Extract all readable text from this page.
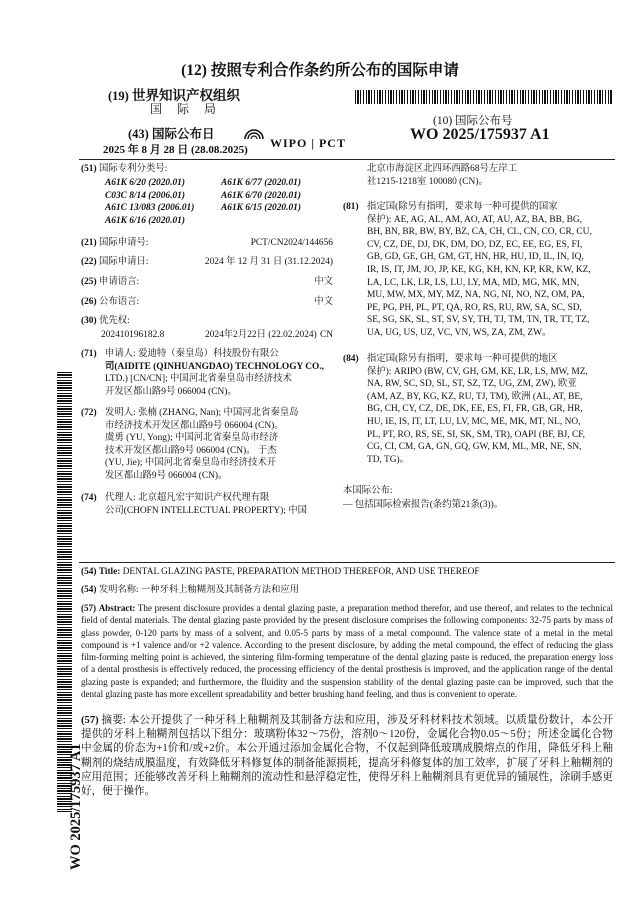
(12) 按照专利合作条约所公布的国际申请
(19) 世界知识产权组织
国 际 局
(43) 国际公布日
2025 年 8 月 28 日 (28.08.2025)
(10) 国际公布号
WO 2025/175937 A1
WIPO | PCT
(51) 国际专利分类号:
A61K 6/20 (2020.01)	A61K 6/77 (2020.01)
C03C 8/14 (2006.01)	A61K 6/70 (2020.01)
A61C 13/083 (2006.01)	A61K 6/15 (2020.01)
A61K 6/16 (2020.01)
(21) 国际申请号:	PCT/CN2024/144656
(22) 国际申请日:	2024 年 12 月 31 日 (31.12.2024)
(25) 申请语言:	中文
(26) 公布语言:	中文
(30) 优先权:
202410196182.8	2024年2月22日 (22.02.2024) CN
(71) 申请人: 爱迪特（秦皇岛）科技股份有限公
司(AIDITE (QINHUANGDAO) TECHNOLOGY CO.,
LTD.) [CN/CN]; 中国河北省秦皇岛市经济技术
开发区都山路9号 066004 (CN)。
(72) 发明人: 张楠 (ZHANG, Nan); 中国河北省秦皇岛
市经济技术开发区都山路9号 066004 (CN)。
虞勇 (YU, Yong); 中国河北省秦皇岛市经济
技术开发区都山路9号 066004 (CN)。 于杰
(YU, Jie); 中国河北省秦皇岛市经济技术开
发区都山路9号 066004 (CN)。
(74) 代理人: 北京超凡宏宇知识产权代理有限
公司(CHOFN INTELLECTUAL PROPERTY); 中国
北京市海淀区北四环西路68号左岸工
社1215-1218室 100080 (CN)。
(81) 指定国(除另有指明，要求每一种可提供的国家
保护): AE, AG, AL, AM, AO, AT, AU, AZ, BA, BB, BG,
BH, BN, BR, BW, BY, BZ, CA, CH, CL, CN, CO, CR, CU,
CV, CZ, DE, DJ, DK, DM, DO, DZ, EC, EE, EG, ES, FI,
GB, GD, GE, GH, GM, GT, HN, HR, HU, ID, IL, IN, IQ,
IR, IS, IT, JM, JO, JP, KE, KG, KH, KN, KP, KR, KW, KZ,
LA, LC, LK, LR, LS, LU, LY, MA, MD, MG, MK, MN,
MU, MW, MX, MY, MZ, NA, NG, NI, NO, NZ, OM, PA,
PE, PG, PH, PL, PT, QA, RO, RS, RU, RW, SA, SC, SD,
SE, SG, SK, SL, ST, SV, SY, TH, TJ, TM, TN, TR, TT, TZ,
UA, UG, US, UZ, VC, VN, WS, ZA, ZM, ZW。
(84) 指定国(除另有指明，要求每一种可提供的地区
保护): ARIPO (BW, CV, GH, GM, KE, LR, LS, MW, MZ,
NA, RW, SC, SD, SL, ST, SZ, TZ, UG, ZM, ZW), 欧亚
(AM, AZ, BY, KG, KZ, RU, TJ, TM), 欧洲 (AL, AT, BE,
BG, CH, CY, CZ, DE, DK, EE, ES, FI, FR, GB, GR, HR,
HU, IE, IS, IT, LT, LU, LV, MC, ME, MK, MT, NL, NO,
PL, PT, RO, RS, SE, SI, SK, SM, TR), OAPI (BF, BJ, CF,
CG, CI, CM, GA, GN, GQ, GW, KM, ML, MR, NE, SN,
TD, TG)。
本国际公布:
— 包括国际检索报告(条约第21条(3))。
(54) Title: DENTAL GLAZING PASTE, PREPARATION METHOD THEREFOR, AND USE THEREOF
(54) 发明名称: 一种牙科上釉糊剂及其制备方法和应用
(57) Abstract: The present disclosure provides a dental glazing paste, a preparation method therefor, and use thereof, and relates to the technical field of dental materials. The dental glazing paste provided by the present disclosure comprises the following components: 32-75 parts by mass of glass powder, 0-120 parts by mass of a solvent, and 0.05-5 parts by mass of a metal compound. The valence state of a metal in the metal compound is +1 valence and/or +2 valence. According to the present disclosure, by adding the metal compound, the effect of reducing the glass film-forming melting point is achieved, the sintering film-forming temperature of the dental glazing paste is reduced, the preparation energy loss of a dental prosthesis is effectively reduced, the processing efficiency of the dental prosthesis is improved, and the application range of the dental glazing paste is expanded; and furthermore, the fluidity and the suspension stability of the dental glazing paste can be improved, such that the dental glazing paste has more excellent spreadability and better brushing hand feeling, and thus is convenient to operate.
(57) 摘要: 本公开提供了一种牙科上釉糊剂及其制备方法和应用，涉及牙科材料技术领域。以质量份数计，本公开提供的牙科上釉糊剂包括以下组分：玻璃粉体32～75份，溶剂0～120份，金属化合物0.05～5份；所述金属化合物中金属的价态为+1价和/或+2价。本公开通过添加金属化合物，不仅起到降低玻璃成膜熔点的作用，降低牙科上釉糊剂的烧结成膜温度，有效降低牙科修复体的制备能源损耗，提高牙科修复体的加工效率，扩展了牙科上釉糊剂的应用范围；还能够改善牙科上釉糊剂的流动性和悬浮稳定性，使得牙科上釉糊剂具有更优异的铺展性，涂刷手感更好，便于操作。
WO 2025/175937 A1
